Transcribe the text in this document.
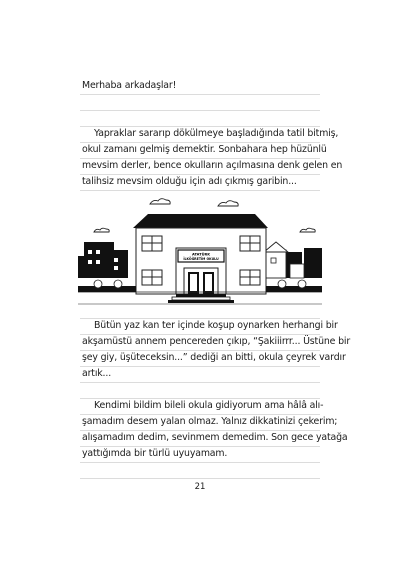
Merhaba arkadaşlar!
Yapraklar sararıp dökülmeye başladığında tatil bitmiş,
okul zamanı gelmiş demektir. Sonbahara hep hüzünlü
mevsim derler, bence okulların açılmasına denk gelen en
talihsiz mevsim olduğu için adı çıkmış garibin...
ATATÜRK
İLKÖĞRETİM OKULU
Bütün yaz kan ter içinde koşup oynarken herhangi bir
akşamüstü annem pencereden çıkıp, “Şakiiirrr... Üstüne bir
şey giy, üşüteceksin...” dediği an bitti, okula çeyrek vardır
artık...
Kendimi bildim bileli okula gidiyorum ama hâlâ alı-
şamadım desem yalan olmaz. Yalnız dikkatinizi çekerim;
alışamadım dedim, sevinmem demedim. Son gece yatağa
yattığımda bir türlü uyuyamam.
21
